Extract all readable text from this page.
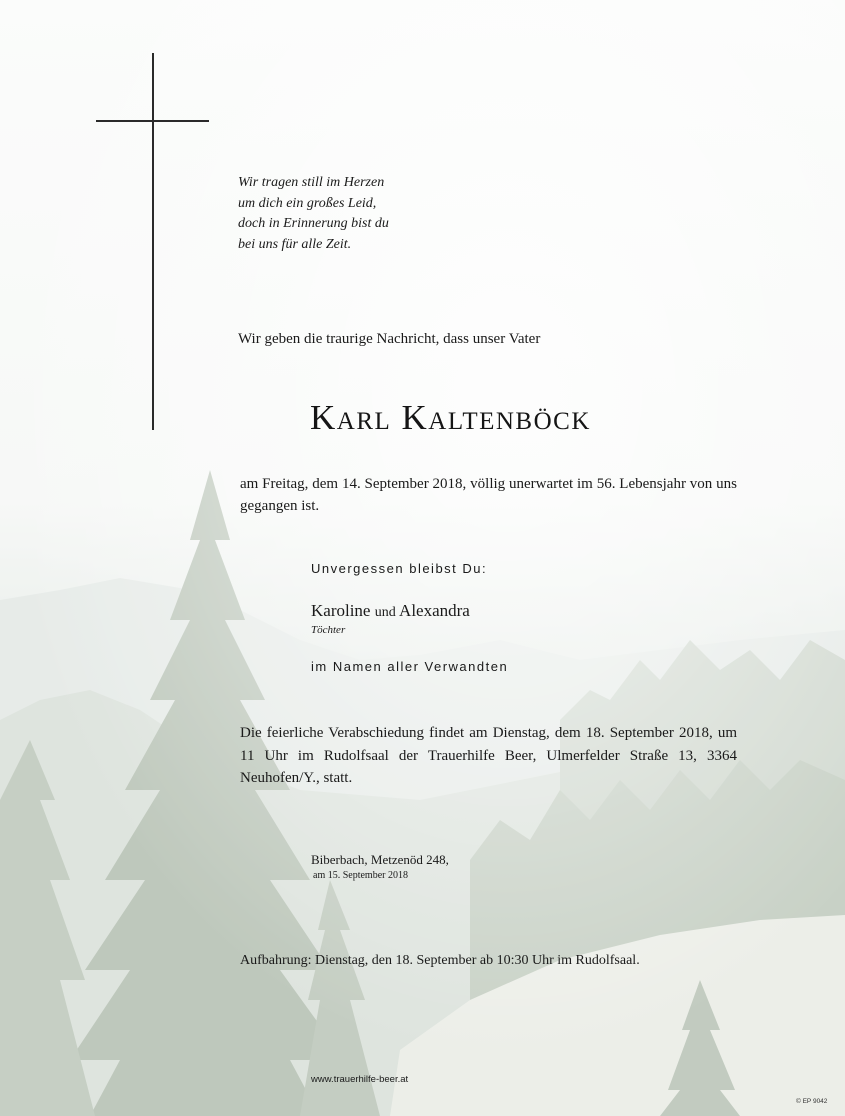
Wir tragen still im Herzen
um dich ein großes Leid,
doch in Erinnerung bist du
bei uns für alle Zeit.
Wir geben die traurige Nachricht, dass unser Vater
Karl Kaltenböck
am Freitag, dem 14. September 2018, völlig unerwartet im 56. Lebensjahr von uns gegangen ist.
Unvergessen bleibst Du:
Karoline und Alexandra
Töchter
im Namen aller Verwandten
Die feierliche Verabschiedung findet am Dienstag, dem 18. September 2018, um 11 Uhr im Rudolfsaal der Trauerhilfe Beer, Ulmerfelder Straße 13, 3364 Neuhofen/Y., statt.
Biberbach, Metzenöd 248,
am 15. September 2018
Aufbahrung: Dienstag, den 18. September ab 10:30 Uhr im Rudolfsaal.
www.trauerhilfe-beer.at
© EP 9042
